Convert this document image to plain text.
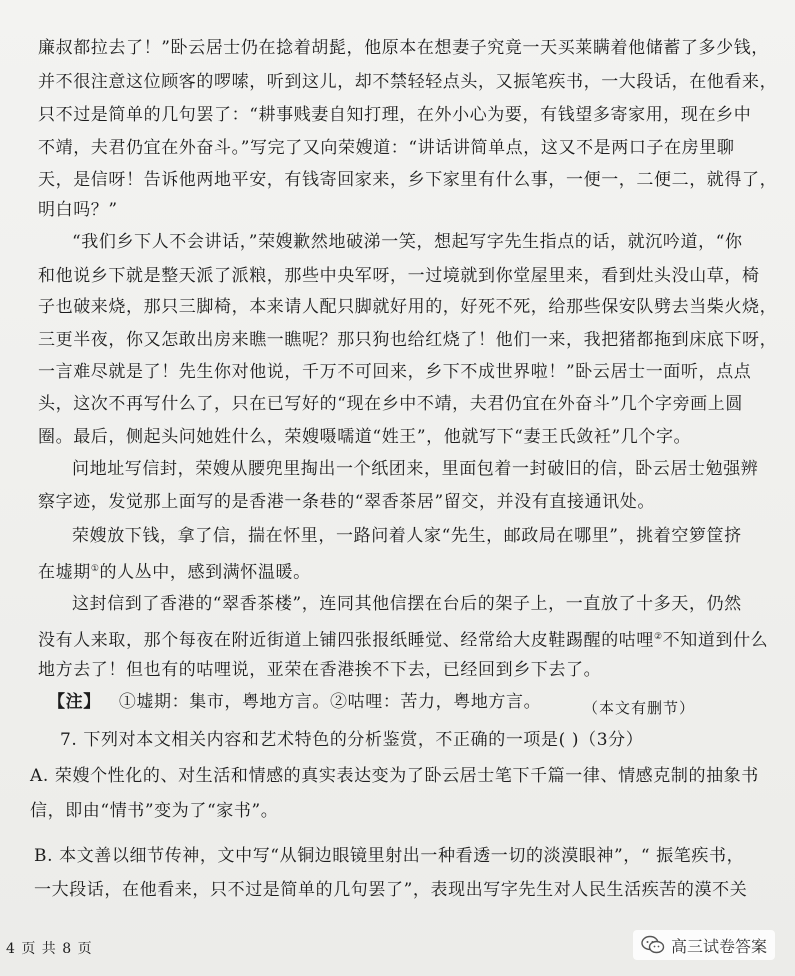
廉叔都拉去了！”卧云居士仍在捻着胡髭，他原本在想妻子究竟一天买莱瞒着他储蓄了多少钱，
并不很注意这位顾客的啰嗦，听到这儿，却不禁轻轻点头，又振笔疾书，一大段话，在他看来，
只不过是简单的几句罢了：“耕事贱妻自知打理，在外小心为要，有钱望多寄家用，现在乡中
不靖，夫君仍宜在外奋斗。”写完了又向荣嫂道：“讲话讲简单点，这又不是两口子在房里聊
天，是信呀！告诉他两地平安，有钱寄回家来，乡下家里有什么事，一便一，二便二，就得了，
明白吗？”
“我们乡下人不会讲话，”荣嫂歉然地破涕一笑，想起写字先生指点的话，就沉吟道，“你
和他说乡下就是整天派了派粮，那些中央军呀，一过境就到你堂屋里来，看到灶头没山草，椅
子也破来烧，那只三脚椅，本来请人配只脚就好用的，好死不死，给那些保安队劈去当柴火烧，
三更半夜，你又怎敢出房来瞧一瞧呢？那只狗也给红烧了！他们一来，我把猪都拖到床底下呀，
一言难尽就是了！先生你对他说，千万不可回来，乡下不成世界啦！”卧云居士一面听，点点
头，这次不再写什么了，只在已写好的“现在乡中不靖，夫君仍宜在外奋斗”几个字旁画上圆
圈。最后，侧起头问她姓什么，荣嫂嗫嚅道“姓王”，他就写下“妻王氏敛衽”几个字。
问地址写信封，荣嫂从腰兜里掏出一个纸团来，里面包着一封破旧的信，卧云居士勉强辨
察字迹，发觉那上面写的是香港一条巷的“翠香茶居”留交，并没有直接通讯处。
荣嫂放下钱，拿了信，揣在怀里，一路问着人家“先生，邮政局在哪里”，挑着空箩筐挤
在墟期①的人丛中，感到满怀温暖。
这封信到了香港的“翠香茶楼”，连同其他信摆在台后的架子上，一直放了十多天，仍然
没有人来取，那个每夜在附近街道上铺四张报纸睡觉、经常给大皮鞋踢醒的咕哩②不知道到什么
地方去了！但也有的咕哩说，亚荣在香港挨不下去，已经回到乡下去了。
【注】 ①墟期：集市，粤地方言。②咕哩：苦力，粤地方言。	（本文有删节）
7. 下列对本文相关内容和艺术特色的分析鉴赏，不正确的一项是( )（3分）
A. 荣嫂个性化的、对生活和情感的真实表达变为了卧云居士笔下千篇一律、情感克制的抽象书
信，即由“情书”变为了“家书”。
B. 本文善以细节传神，文中写“从铜边眼镜里射出一种看透一切的淡漠眼神”，“ 振笔疾书，
一大段话，在他看来，只不过是简单的几句罢了”，表现出写字先生对人民生活疾苦的漠不关
4 页 共 8 页	高三试卷答案
